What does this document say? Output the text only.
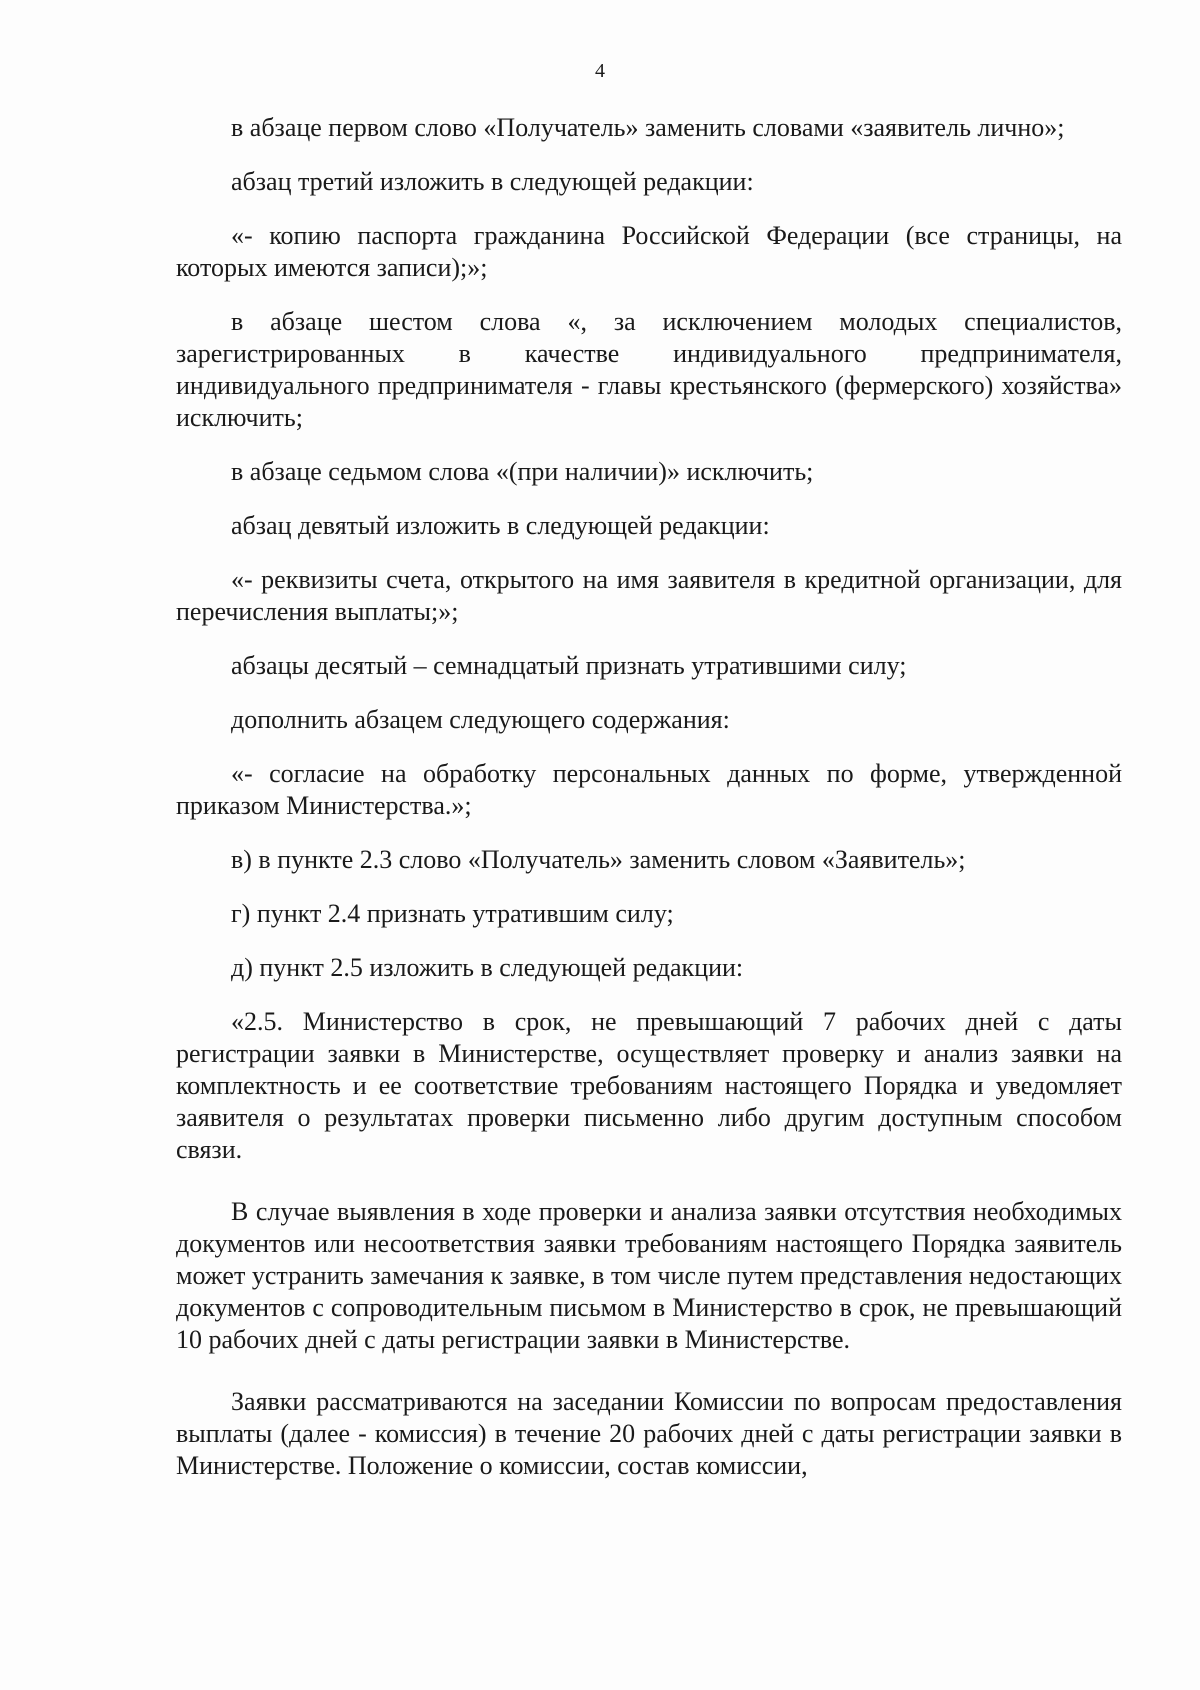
4

в абзаце первом слово «Получатель» заменить словами «заявитель лично»;

абзац третий изложить в следующей редакции:

«- копию паспорта гражданина Российской Федерации (все страницы, на которых имеются записи);»;

в абзаце шестом слова «, за исключением молодых специалистов, зарегистрированных в качестве индивидуального предпринимателя, индивидуального предпринимателя - главы крестьянского (фермерского) хозяйства» исключить;

в абзаце седьмом слова «(при наличии)» исключить;

абзац девятый изложить в следующей редакции:

«- реквизиты счета, открытого на имя заявителя в кредитной организации, для перечисления выплаты;»;

абзацы десятый – семнадцатый признать утратившими силу;

дополнить абзацем следующего содержания:

«- согласие на обработку персональных данных по форме, утвержденной приказом Министерства.»;

в) в пункте 2.3 слово «Получатель» заменить словом «Заявитель»;

г) пункт 2.4 признать утратившим силу;

д) пункт 2.5 изложить в следующей редакции:

«2.5. Министерство в срок, не превышающий 7 рабочих дней с даты регистрации заявки в Министерстве, осуществляет проверку и анализ заявки на комплектность и ее соответствие требованиям настоящего Порядка и уведомляет заявителя о результатах проверки письменно либо другим доступным способом связи.

В случае выявления в ходе проверки и анализа заявки отсутствия необходимых документов или несоответствия заявки требованиям настоящего Порядка заявитель может устранить замечания к заявке, в том числе путем представления недостающих документов с сопроводительным письмом в Министерство в срок, не превышающий 10 рабочих дней с даты регистрации заявки в Министерстве.

Заявки рассматриваются на заседании Комиссии по вопросам предоставления выплаты (далее - комиссия) в течение 20 рабочих дней с даты регистрации заявки в Министерстве. Положение о комиссии, состав комиссии,
